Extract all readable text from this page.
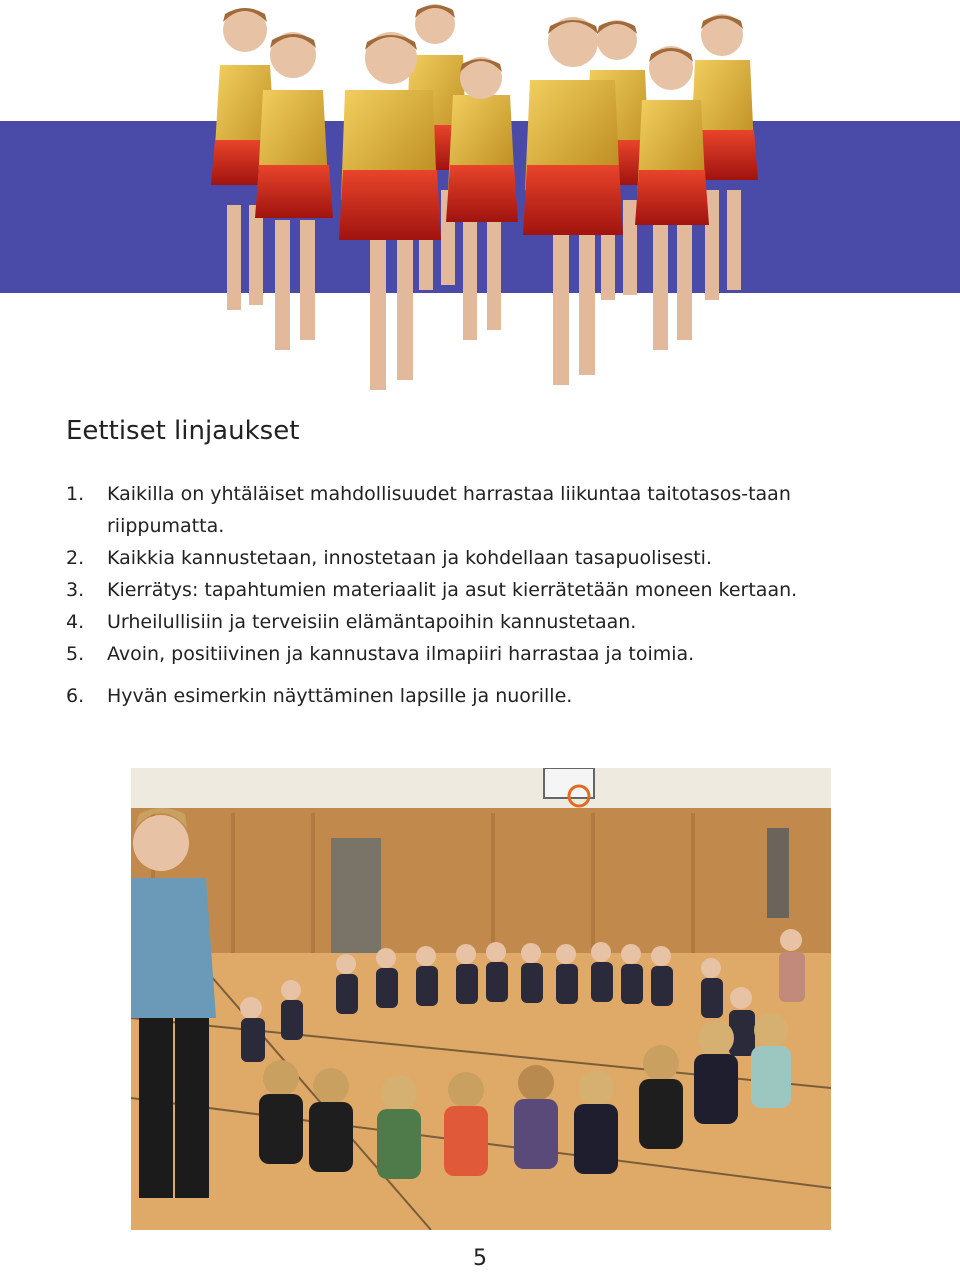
Eettiset linjaukset
1. Kaikilla on yhtäläiset mahdollisuudet harrastaa liikuntaa taitotasos-taan riippumatta.
2. Kaikkia kannustetaan, innostetaan ja kohdellaan tasapuolisesti.
3. Kierrätys: tapahtumien materiaalit ja asut kierrätetään moneen kertaan.
4. Urheilullisiin ja terveisiin elämäntapoihin kannustetaan.
5. Avoin, positiivinen ja kannustava ilmapiiri harrastaa ja toimia.
6. Hyvän esimerkin näyttäminen lapsille ja nuorille.
5
